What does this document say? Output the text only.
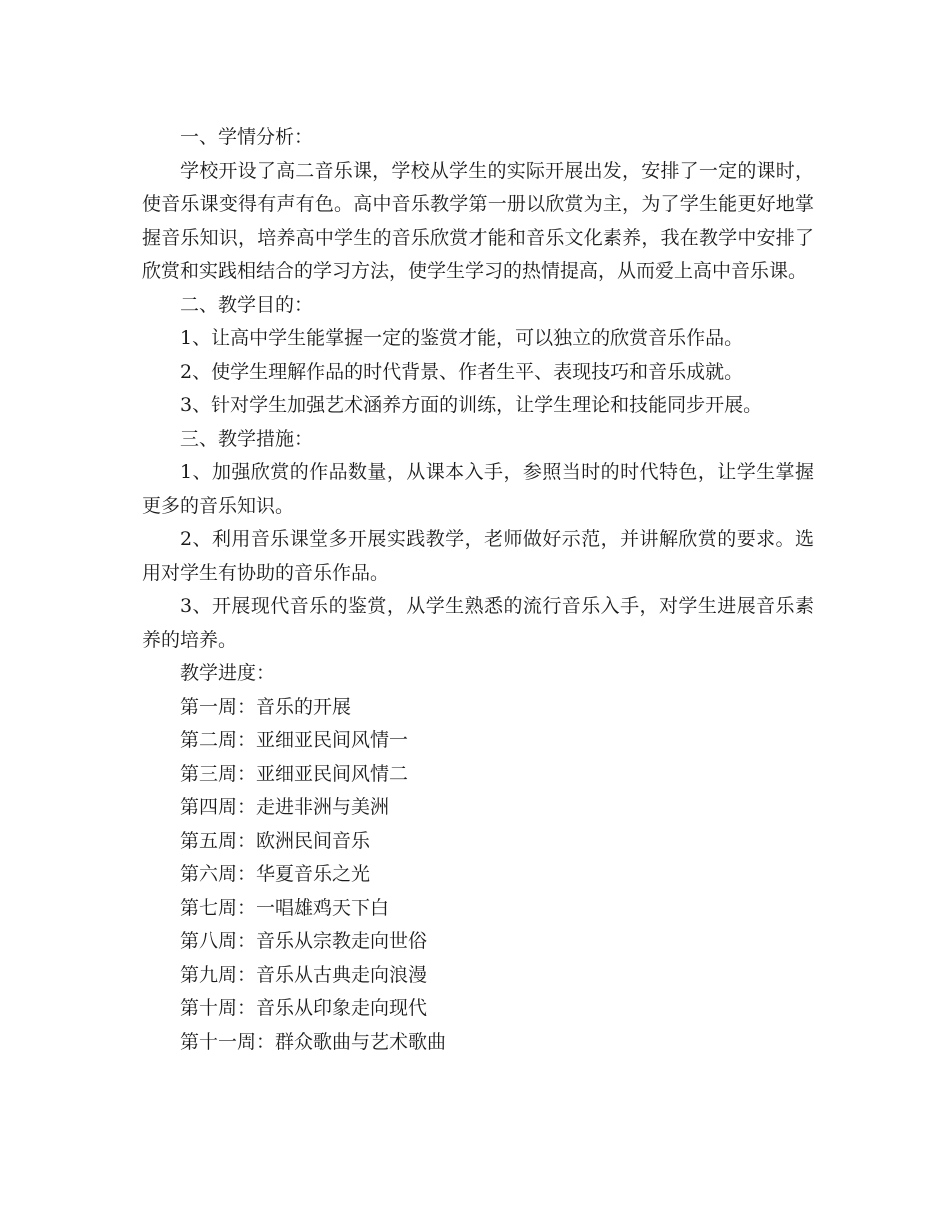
一、学情分析：

学校开设了高二音乐课，学校从学生的实际开展出发，安排了一定的课时，使音乐课变得有声有色。高中音乐教学第一册以欣赏为主，为了学生能更好地掌握音乐知识，培养高中学生的音乐欣赏才能和音乐文化素养，我在教学中安排了欣赏和实践相结合的学习方法，使学生学习的热情提高，从而爱上高中音乐课。

二、教学目的：

1、让高中学生能掌握一定的鉴赏才能，可以独立的欣赏音乐作品。

2、使学生理解作品的时代背景、作者生平、表现技巧和音乐成就。

3、针对学生加强艺术涵养方面的训练，让学生理论和技能同步开展。

三、教学措施：

1、加强欣赏的作品数量，从课本入手，参照当时的时代特色，让学生掌握更多的音乐知识。

2、利用音乐课堂多开展实践教学，老师做好示范，并讲解欣赏的要求。选用对学生有协助的音乐作品。

3、开展现代音乐的鉴赏，从学生熟悉的流行音乐入手，对学生进展音乐素养的培养。

教学进度：

第一周：音乐的开展

第二周：亚细亚民间风情一

第三周：亚细亚民间风情二

第四周：走进非洲与美洲

第五周：欧洲民间音乐

第六周：华夏音乐之光

第七周：一唱雄鸡天下白

第八周：音乐从宗教走向世俗

第九周：音乐从古典走向浪漫

第十周：音乐从印象走向现代

第十一周：群众歌曲与艺术歌曲
